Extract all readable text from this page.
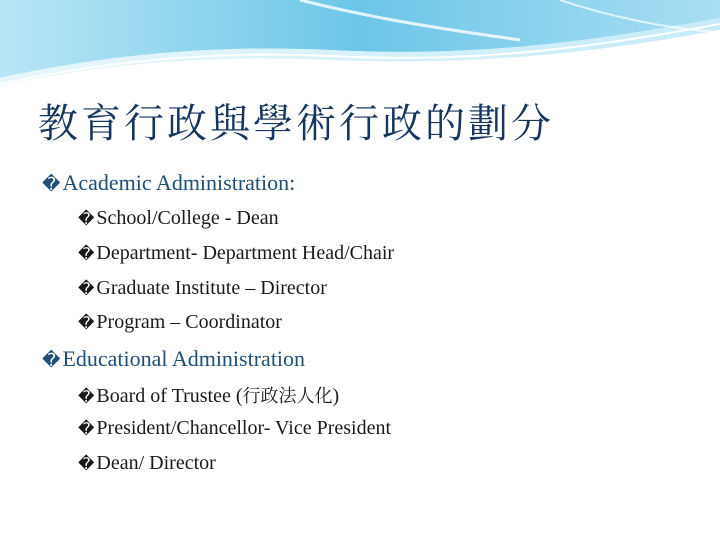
教育行政與學術行政的劃分
�Academic Administration:
� School/College - Dean
� Department- Department Head/Chair
� Graduate Institute – Director
� Program – Coordinator
�Educational Administration
� Board of Trustee (行政法人化)
� President/Chancellor- Vice President
� Dean/ Director
